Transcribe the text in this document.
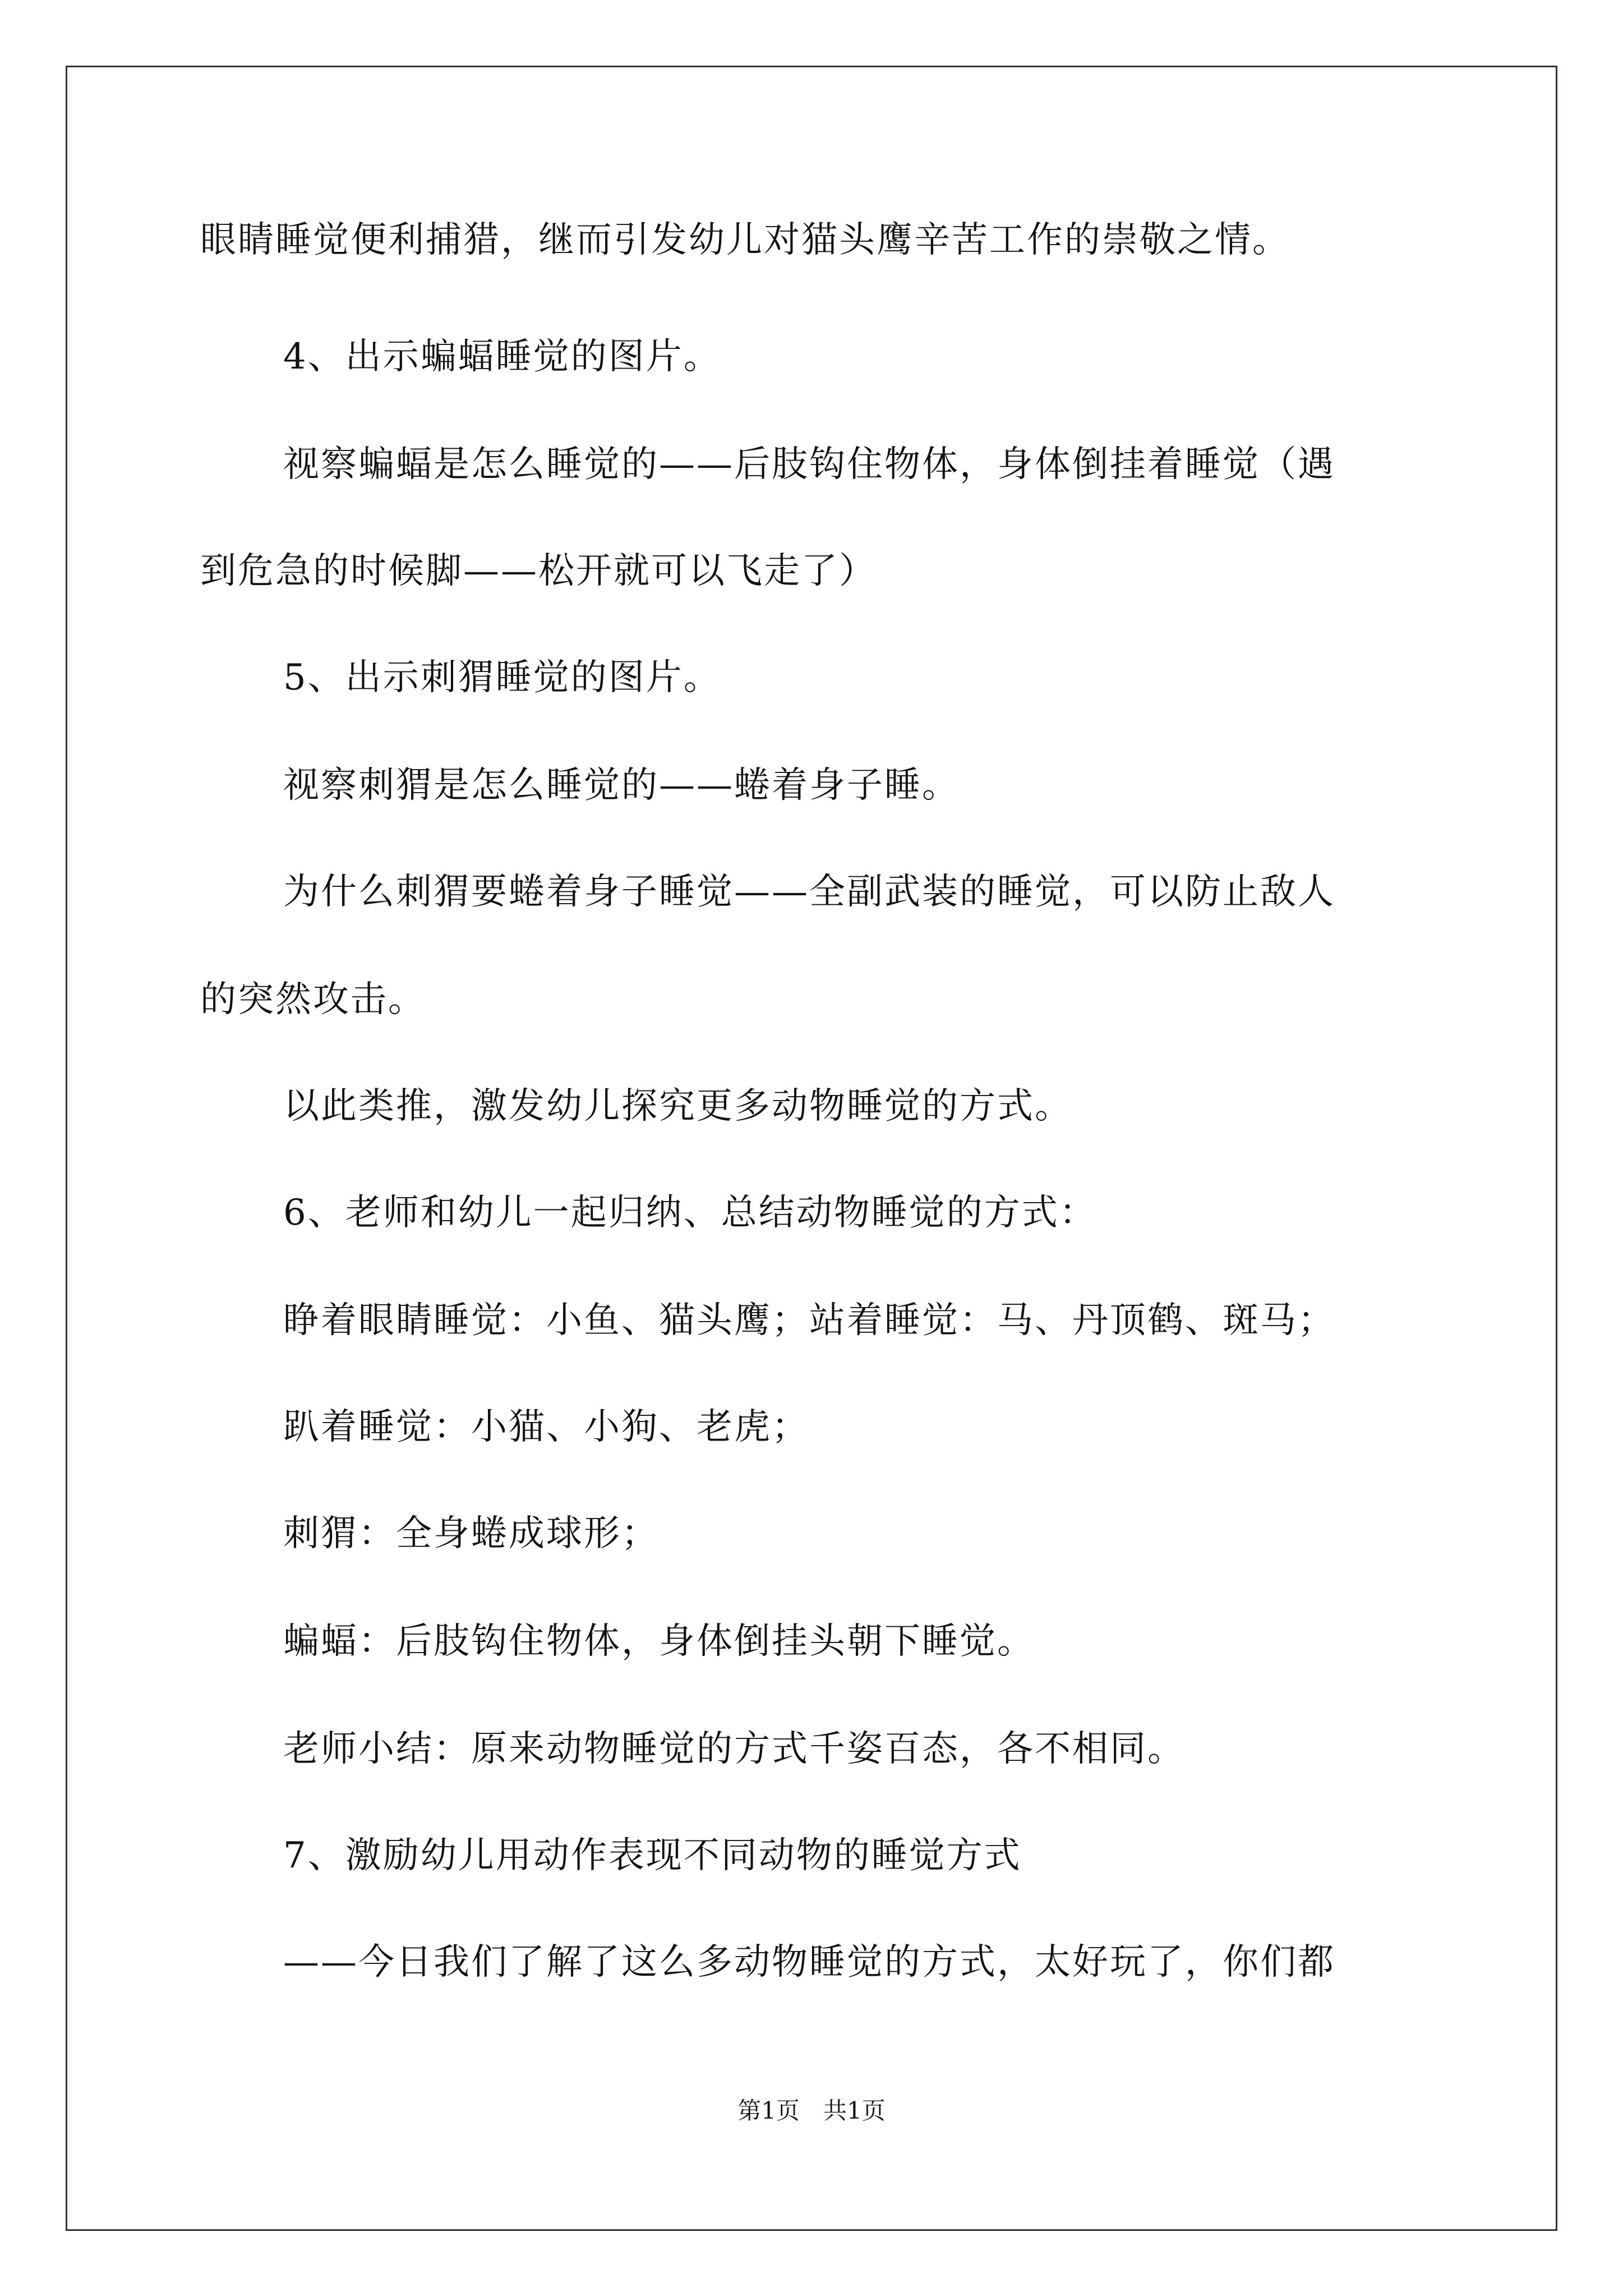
眼睛睡觉便利捕猎，继而引发幼儿对猫头鹰辛苦工作的崇敬之情。
4、出示蝙蝠睡觉的图片。
视察蝙蝠是怎么睡觉的——后肢钩住物体，身体倒挂着睡觉（遇
到危急的时候脚——松开就可以飞走了）
5、出示刺猬睡觉的图片。
视察刺猬是怎么睡觉的——蜷着身子睡。
为什么刺猬要蜷着身子睡觉——全副武装的睡觉，可以防止敌人
的突然攻击。
以此类推，激发幼儿探究更多动物睡觉的方式。
6、老师和幼儿一起归纳、总结动物睡觉的方式：
睁着眼睛睡觉：小鱼、猫头鹰；站着睡觉：马、丹顶鹤、斑马；
趴着睡觉：小猫、小狗、老虎；
刺猬：全身蜷成球形；
蝙蝠：后肢钩住物体，身体倒挂头朝下睡觉。
老师小结：原来动物睡觉的方式千姿百态，各不相同。
7、激励幼儿用动作表现不同动物的睡觉方式
——今日我们了解了这么多动物睡觉的方式，太好玩了，你们都
第1页　共1页
